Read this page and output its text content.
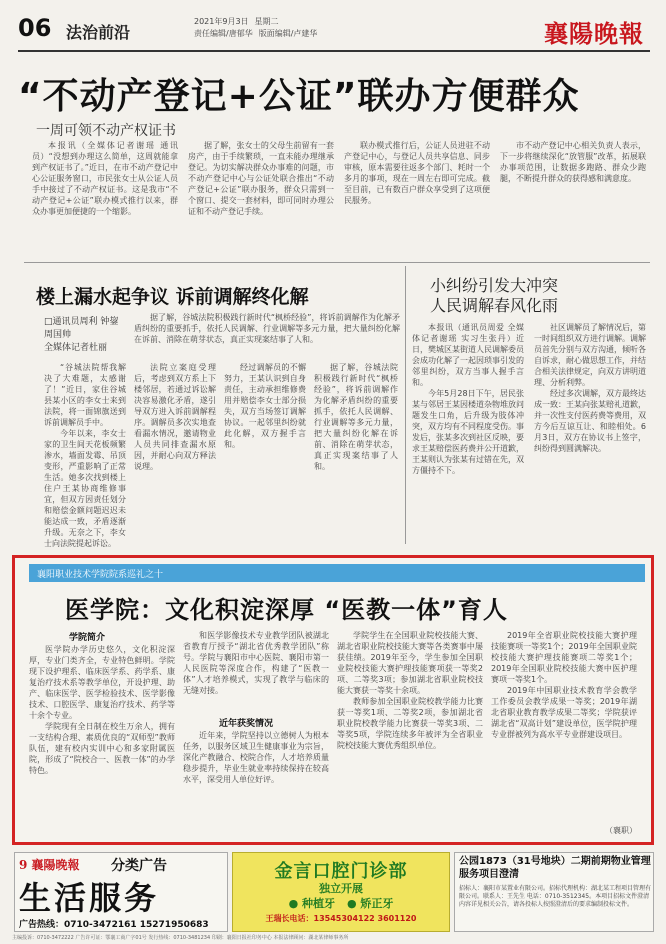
06 法治前沿
2021年9月3日 星期二
责任编辑/唐郁华 版面编辑/卢建华	襄陽晚報
“不动产登记+公证”联办方便群众
一周可领不动产权证书

本报讯（全媒体记者谢瑶 通讯员）“没想到办理这么简单，这周就能拿到产权证书了。”近日，在市不动产登记中心公证服务窗口，市民张女士从公证人员手中接过了不动产权证书。这是我市“不动产登记+公证”联办模式推行以来，群众办事更加便捷的一个缩影。

据了解，张女士的父母生前留有一套房产，由于手续繁琐，一直未能办理继承登记。为切实解决群众办事难的问题，市不动产登记中心与公证处联合推出“不动产登记+公证”联办服务，群众只需到一个窗口、提交一套材料，即可同时办理公证和不动产登记手续。

联办模式推行后，公证人员进驻不动产登记中心，与登记人员共享信息、同步审核，原本需要往返多个部门、耗时一个多月的事项，现在一周左右即可完成。截至目前，已有数百户群众享受到了这项便民服务。

市不动产登记中心相关负责人表示，下一步将继续深化“放管服”改革，拓展联办事项范围，让数据多跑路、群众少跑腿，不断提升群众的获得感和满意度。

楼上漏水起争议 诉前调解终化解
□通讯员周利 钟鋆
周国帅
全媒体记者杜丽

“谷城法院帮我解决了大难题，太感谢了！”近日，家住谷城县某小区的李女士来到法院，将一面锦旗送到诉前调解员手中。

今年以来，李女士家的卫生间天花板频繁渗水，墙面发霉、吊顶变形，严重影响了正常生活。她多次找到楼上住户王某协商维修事宜，但双方因责任划分和赔偿金额问题迟迟未能达成一致，矛盾逐渐升级。无奈之下，李女士向法院提起诉讼。

法院立案庭受理后，考虑到双方系上下楼邻居，若通过诉讼解决容易激化矛盾，遂引导双方进入诉前调解程序。调解员多次实地查看漏水情况，邀请物业人员共同排查漏水原因，并耐心向双方释法说理。

经过调解员的不懈努力，王某认识到自身责任，主动承担维修费用并赔偿李女士部分损失，双方当场签订调解协议。一起邻里纠纷就此化解，双方握手言和。

据了解，谷城法院积极践行新时代“枫桥经验”，将诉前调解作为化解矛盾纠纷的重要抓手，依托人民调解、行业调解等多元力量，把大量纠纷化解在诉前、消除在萌芽状态，真正实现案结事了人和。

据了解，谷城法院积极践行新时代“枫桥经验”，将诉前调解作为化解矛盾纠纷的重要抓手，依托人民调解、行业调解等多元力量，把大量纠纷化解在诉前、消除在萌芽状态，真正实现案结事了人和。

小纠纷引发大冲突
人民调解春风化雨

本报讯（通讯员周爱 全媒体记者谢瑶 实习生张丹）近日，樊城区某街道人民调解委员会成功化解了一起因琐事引发的邻里纠纷，双方当事人握手言和。

今年5月28日下午，居民张某与邻居王某因楼道杂物堆放问题发生口角，后升级为肢体冲突，双方均有不同程度受伤。事发后，张某多次到社区反映，要求王某赔偿医药费并公开道歉，王某则认为张某有过错在先，双方僵持不下。

社区调解员了解情况后，第一时间组织双方进行调解。调解员首先分别与双方沟通，倾听各自诉求，耐心做思想工作，并结合相关法律规定，向双方讲明道理、分析利弊。

经过多次调解，双方最终达成一致：王某向张某赔礼道歉，并一次性支付医药费等费用，双方今后互谅互让、和睦相处。6月3日，双方在协议书上签字，纠纷得到圆满解决。

襄阳职业技术学院院系巡礼之十
医学院：文化积淀深厚 “医教一体”育人
学院简介

医学院办学历史悠久，文化积淀深厚，专业门类齐全，专业特色鲜明。学院现下设护理系、临床医学系、药学系、康复治疗技术系等教学单位，开设护理、助产、临床医学、医学检验技术、医学影像技术、口腔医学、康复治疗技术、药学等十余个专业。

学院现有全日制在校生万余人，拥有一支结构合理、素质优良的“双师型”教师队伍，建有校内实训中心和多家附属医院，形成了“院校合一、医教一体”的办学特色。

和医学影像技术专业教学团队被湖北省教育厅授予“湖北省优秀教学团队”称号。学院与襄阳市中心医院、襄阳市第一人民医院等深度合作，构建了“医教一体”人才培养模式，实现了教学与临床的无缝对接。

近年获奖情况

近年来，学院坚持以立德树人为根本任务，以服务区域卫生健康事业为宗旨，深化产教融合、校院合作，人才培养质量稳步提升，毕业生就业率持续保持在较高水平，深受用人单位好评。

学院学生在全国职业院校技能大赛、湖北省职业院校技能大赛等各类赛事中屡获佳绩。2019年至今，学生参加全国职业院校技能大赛护理技能赛项获一等奖2项、二等奖3项；参加湖北省职业院校技能大赛获一等奖十余项。

教师参加全国职业院校教学能力比赛获一等奖1项、二等奖2项，参加湖北省职业院校教学能力比赛获一等奖3项、二等奖5项，学院连续多年被评为全省职业院校技能大赛优秀组织单位。

2019年全省职业院校技能大赛护理技能赛项一等奖1个；2019年全国职业院校技能大赛护理技能赛项二等奖1个；2019年全国职业院校技能大赛中医护理赛项一等奖1个。

2019年中国职业技术教育学会教学工作委员会教学成果一等奖；2019年湖北省职业教育教学成果二等奖；学院获评湖北省“双高计划”建设单位，医学院护理专业群被列为高水平专业群建设项目。

（襄职）
9 襄陽晚報 分类广告
生活服务
广告热线：0710-3472161 15271950683
金言口腔门诊部
独立开展
● 种植牙 ● 矫正牙
王瑞长电话：13545304122 3601120
公园1873（31号地块）二期前期物业管理服务项目澄清
招标人：襄阳市某置业有限公司。招标代理机构：湖北某工程项目管理有限公司。联系人：王先生 电话：0710-3512345。本项目招标文件澄清内容详见相关公告，请各投标人按照澄清后的要求编制投标文件。
主编投诉：0710-3472222 广告许可证：鄂襄工商广字01号 发行热线：0710-3481234 印刷：襄阳日报社印务中心 本报法律顾问：湖北某律师事务所
